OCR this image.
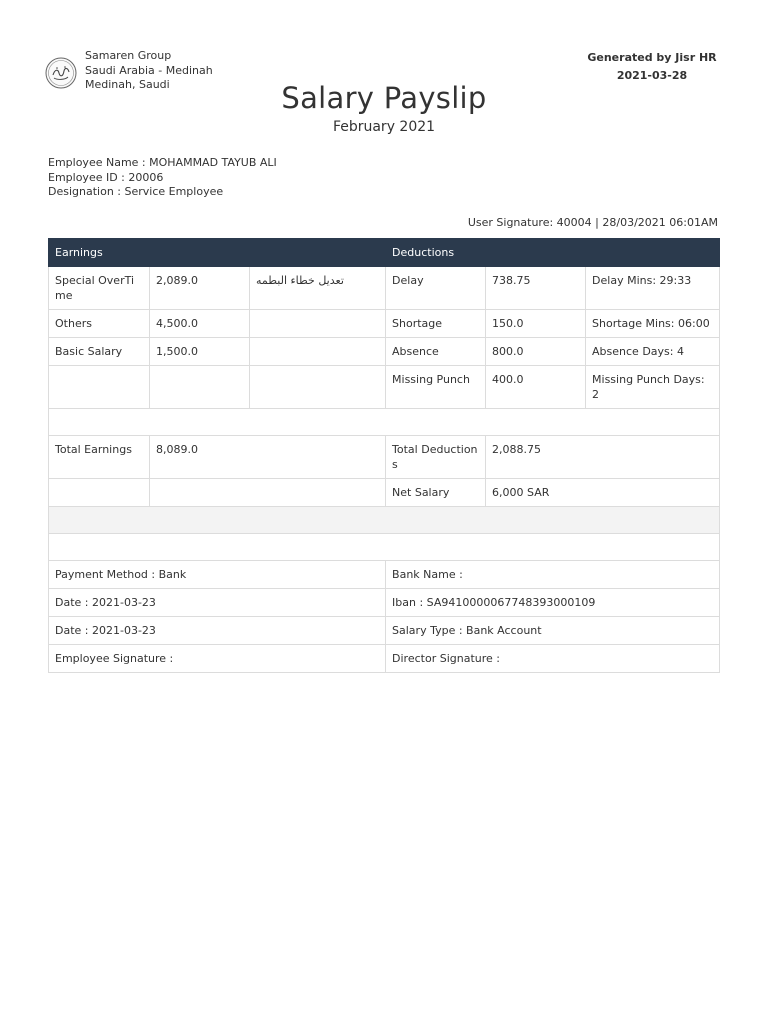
Samaren Group
Saudi Arabia - Medinah
Medinah, Saudi
Generated by Jisr HR
2021-03-28
Salary Payslip
February 2021
Employee Name : MOHAMMAD TAYUB ALI
Employee ID : 20006
Designation : Service Employee
User Signature: 40004 | 28/03/2021 06:01AM
Earnings			Deductions		
Special OverTime	2,089.0	تعديل خطاء البطمه	Delay	738.75	Delay Mins: 29:33
Others	4,500.0		Shortage	150.0	Shortage Mins: 06:00
Basic Salary	1,500.0		Absence	800.0	Absence Days: 4
			Missing Punch	400.0	Missing Punch Days: 2

Total Earnings	8,089.0		Total Deductions	2,088.75	
			Net Salary	6,000 SAR	

Payment Method : Bank			Bank Name :		
Date : 2021-03-23			Iban : SA9410000067748393000109		
Date : 2021-03-23			Salary Type : Bank Account		
Employee Signature :			Director Signature :		
